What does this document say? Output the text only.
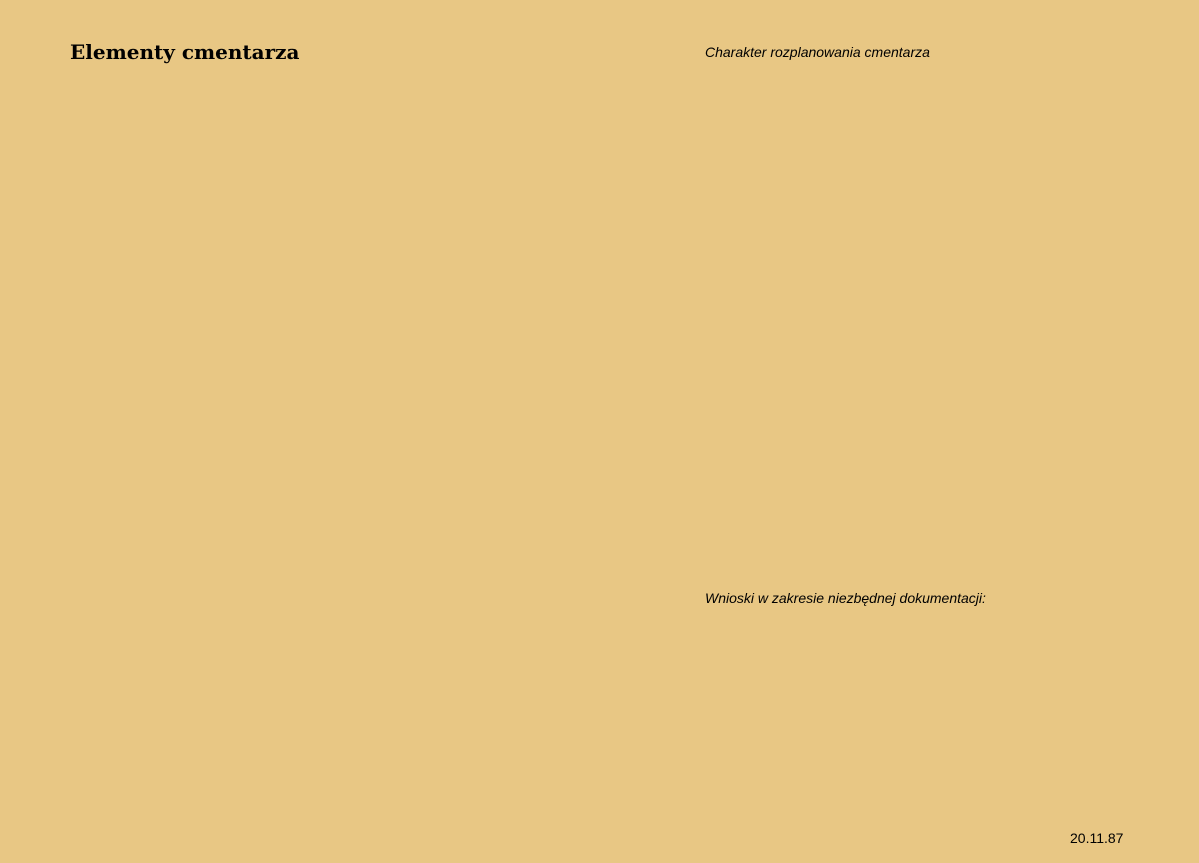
Elementy cmentarza	Charakter rozplanowania cmentarza
Wnioski w zakresie niezbędnej dokumentacji:
20.11.87
